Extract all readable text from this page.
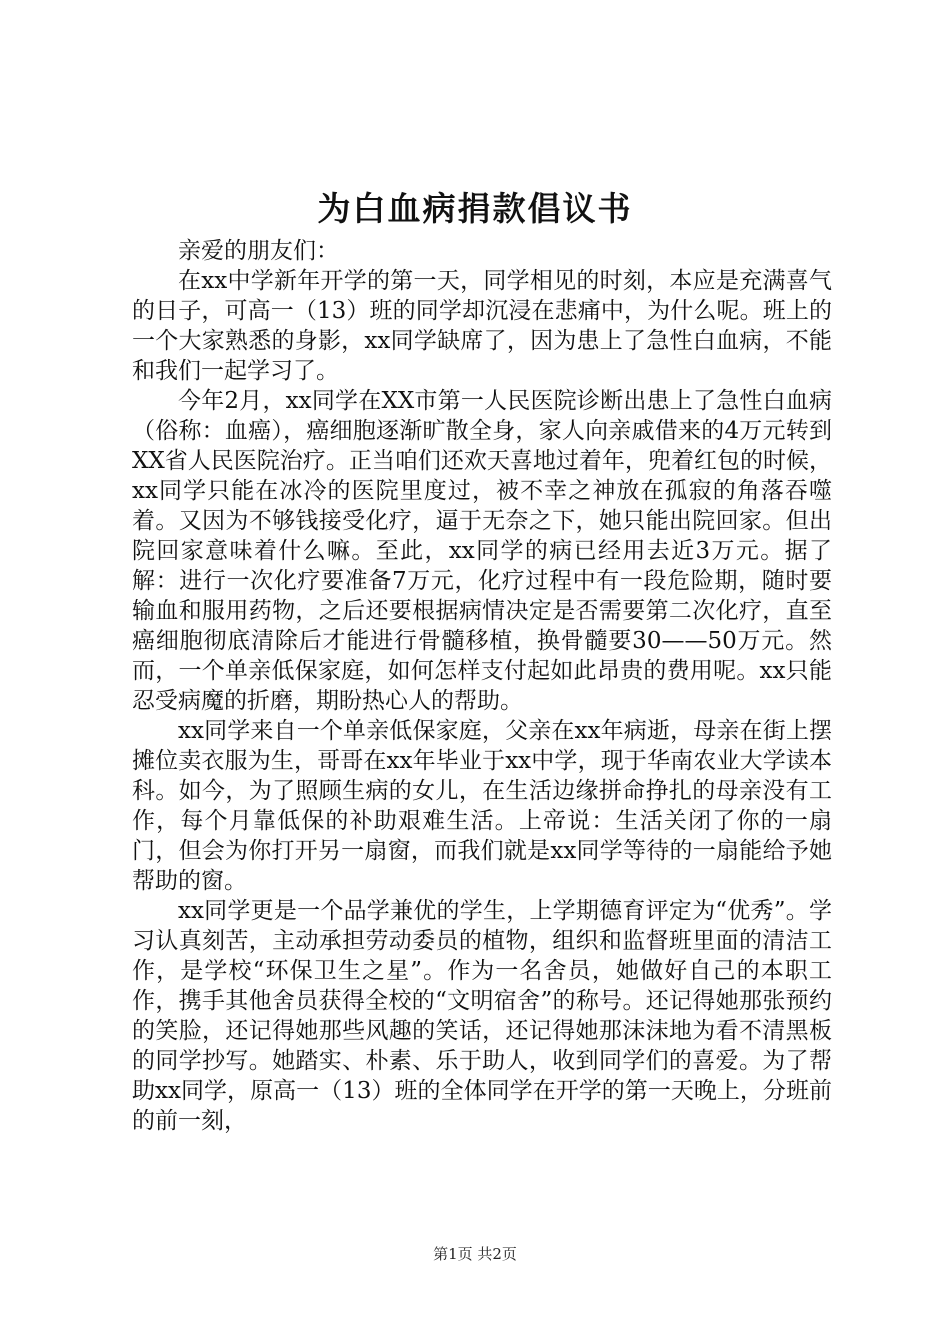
为白血病捐款倡议书

亲爱的朋友们：

在xx中学新年开学的第一天，同学相见的时刻，本应是充满喜气的日子，可高一（13）班的同学却沉浸在悲痛中，为什么呢。班上的一个大家熟悉的身影，xx同学缺席了，因为患上了急性白血病，不能和我们一起学习了。

今年2月，xx同学在XX市第一人民医院诊断出患上了急性白血病（俗称：血癌），癌细胞逐渐旷散全身，家人向亲戚借来的4万元转到XX省人民医院治疗。正当咱们还欢天喜地过着年，兜着红包的时候，xx同学只能在冰冷的医院里度过，被不幸之神放在孤寂的角落吞噬着。又因为不够钱接受化疗，逼于无奈之下，她只能出院回家。但出院回家意味着什么嘛。至此，xx同学的病已经用去近3万元。据了解：进行一次化疗要准备7万元，化疗过程中有一段危险期，随时要输血和服用药物，之后还要根据病情决定是否需要第二次化疗，直至癌细胞彻底清除后才能进行骨髓移植，换骨髓要30——50万元。然而，一个单亲低保家庭，如何怎样支付起如此昂贵的费用呢。xx只能忍受病魔的折磨，期盼热心人的帮助。

xx同学来自一个单亲低保家庭，父亲在xx年病逝，母亲在街上摆摊位卖衣服为生，哥哥在xx年毕业于xx中学，现于华南农业大学读本科。如今，为了照顾生病的女儿，在生活边缘拼命挣扎的母亲没有工作，每个月靠低保的补助艰难生活。上帝说：生活关闭了你的一扇门，但会为你打开另一扇窗，而我们就是xx同学等待的一扇能给予她帮助的窗。

xx同学更是一个品学兼优的学生，上学期德育评定为“优秀”。学习认真刻苦，主动承担劳动委员的植物，组织和监督班里面的清洁工作，是学校“环保卫生之星”。作为一名舍员，她做好自己的本职工作，携手其他舍员获得全校的“文明宿舍”的称号。还记得她那张预约的笑脸，还记得她那些风趣的笑话，还记得她那沫沫地为看不清黑板的同学抄写。她踏实、朴素、乐于助人，收到同学们的喜爱。为了帮助xx同学，原高一（13）班的全体同学在开学的第一天晚上，分班前的前一刻，

第1页 共2页
